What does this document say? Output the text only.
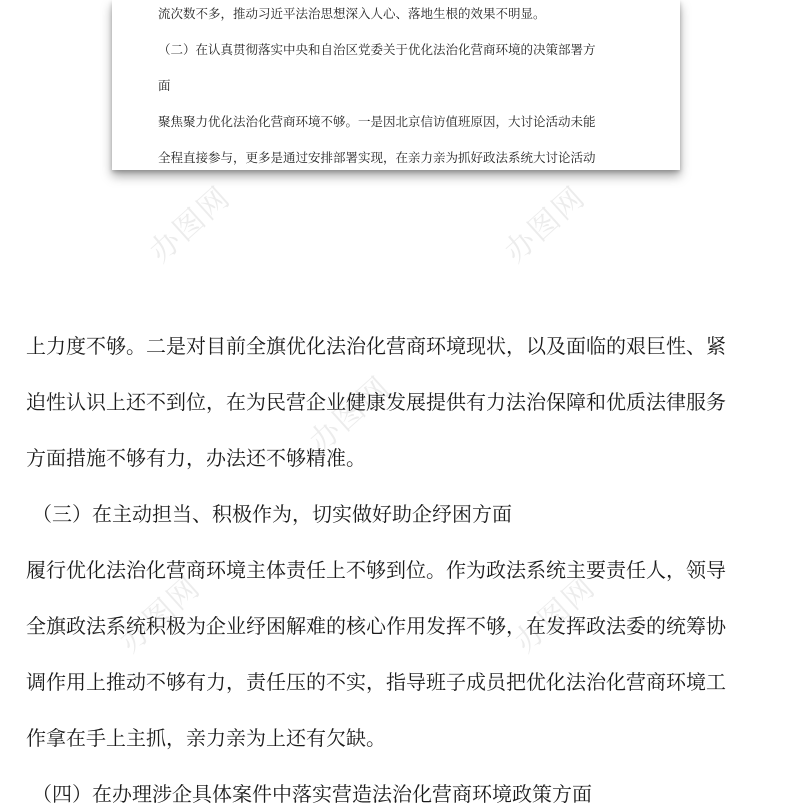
流次数不多，推动习近平法治思想深入人心、落地生根的效果不明显。
（二）在认真贯彻落实中央和自治区党委关于优化法治化营商环境的决策部署方
面
聚焦聚力优化法治化营商环境不够。一是因北京信访值班原因，大讨论活动未能
全程直接参与，更多是通过安排部署实现，在亲力亲为抓好政法系统大讨论活动
办图网	办图网
办图网
办图网	办图网
上力度不够。二是对目前全旗优化法治化营商环境现状，以及面临的艰巨性、紧
迫性认识上还不到位，在为民营企业健康发展提供有力法治保障和优质法律服务
方面措施不够有力，办法还不够精准。
（三）在主动担当、积极作为，切实做好助企纾困方面
履行优化法治化营商环境主体责任上不够到位。作为政法系统主要责任人，领导
全旗政法系统积极为企业纾困解难的核心作用发挥不够，在发挥政法委的统筹协
调作用上推动不够有力，责任压的不实，指导班子成员把优化法治化营商环境工
作拿在手上主抓，亲力亲为上还有欠缺。
（四）在办理涉企具体案件中落实营造法治化营商环境政策方面
